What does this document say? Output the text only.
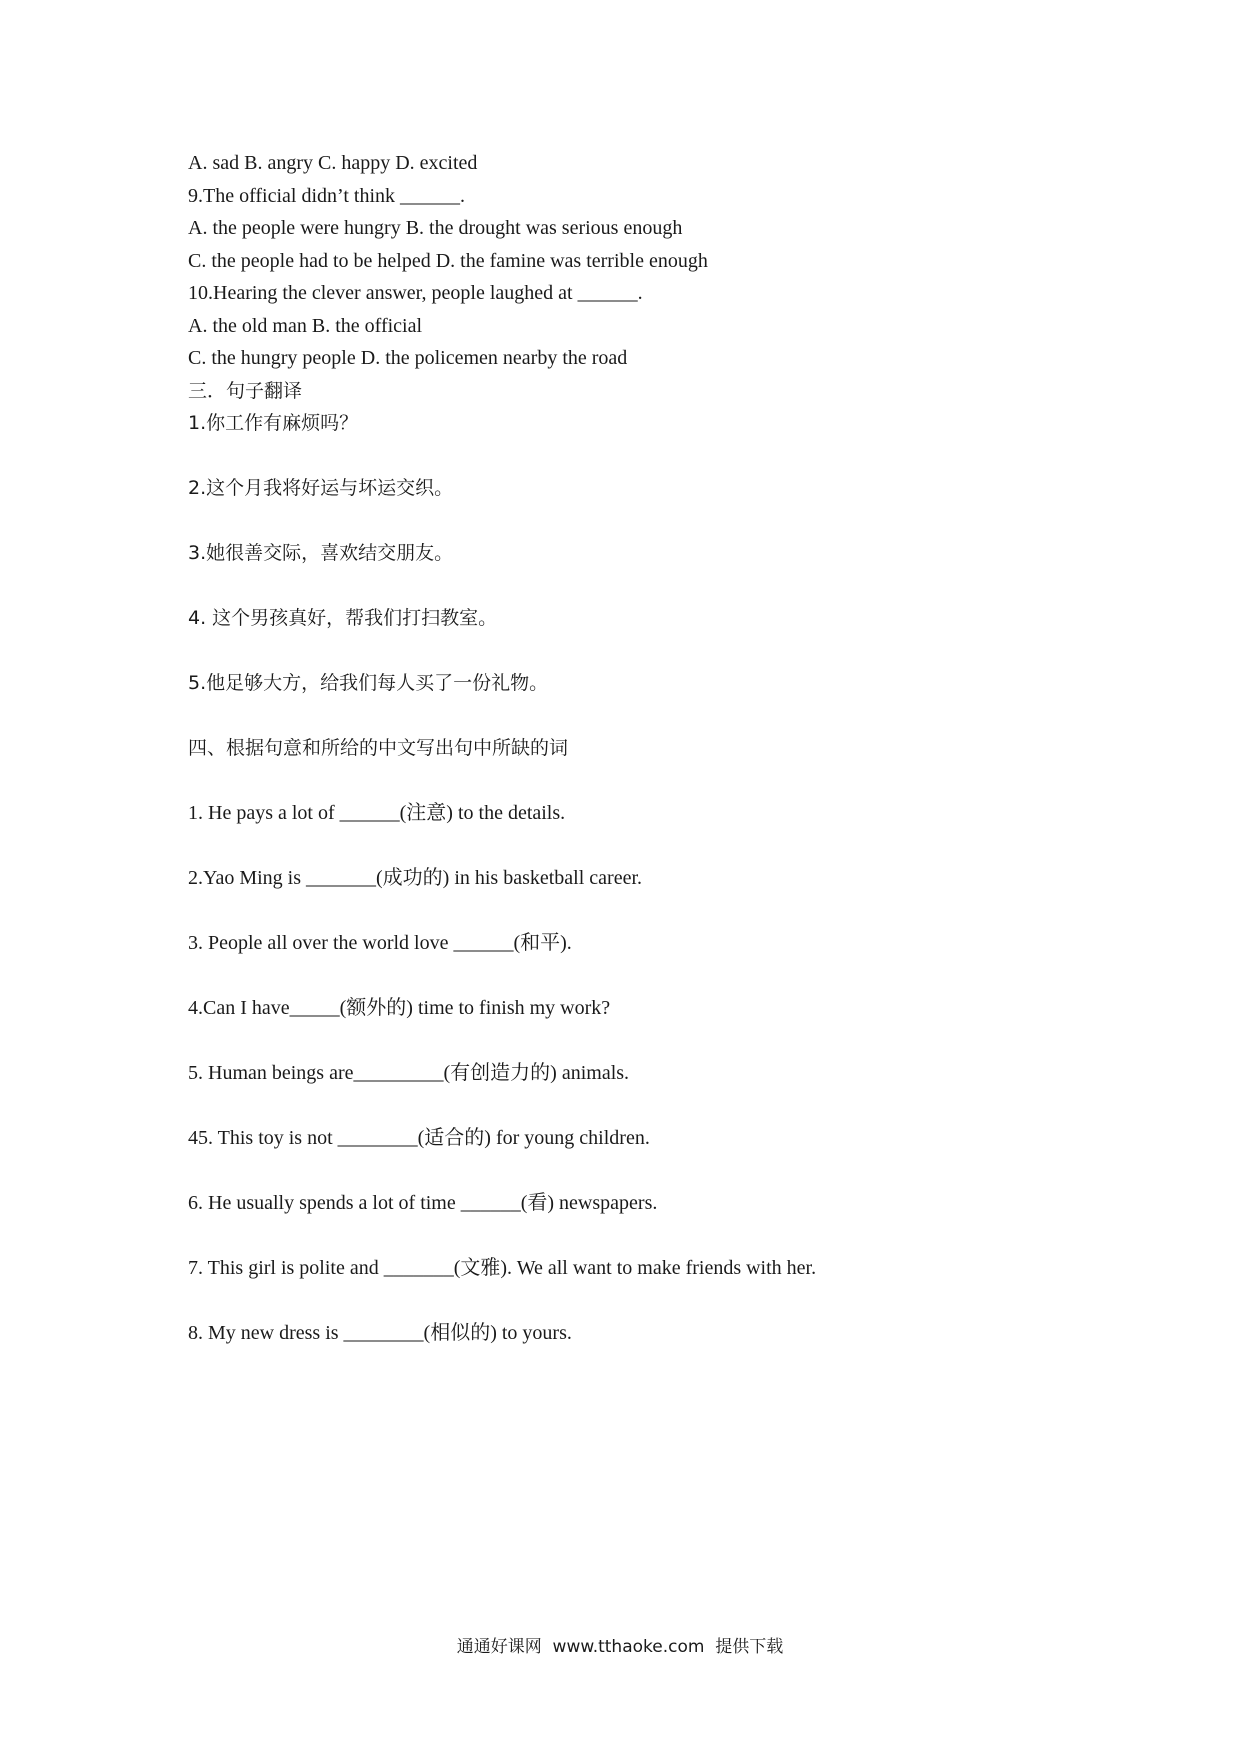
A. sad B. angry C. happy D. excited

9.The official didn’t think ______.

A. the people were hungry B. the drought was serious enough

C. the people had to be helped D. the famine was terrible enough

10.Hearing the clever answer, people laughed at ______.

A. the old man B. the official

C. the hungry people D. the policemen nearby the road

三．句子翻译

1.你工作有麻烦吗？

2.这个月我将好运与坏运交织。

3.她很善交际，喜欢结交朋友。

4. 这个男孩真好，帮我们打扫教室。

5.他足够大方，给我们每人买了一份礼物。

四、根据句意和所给的中文写出句中所缺的词

1. He pays a lot of ______(注意) to the details.

2.Yao Ming is _______(成功的) in his basketball career.

3. People all over the world love ______(和平).

4.Can I have_____(额外的) time to finish my work?

5. Human beings are_________(有创造力的) animals.

45. This toy is not ________(适合的) for young children.

6. He usually spends a lot of time ______(看) newspapers.

7. This girl is polite and _______(文雅). We all want to make friends with her.

8. My new dress is ________(相似的) to yours.

通通好课网  www.tthaoke.com  提供下载
